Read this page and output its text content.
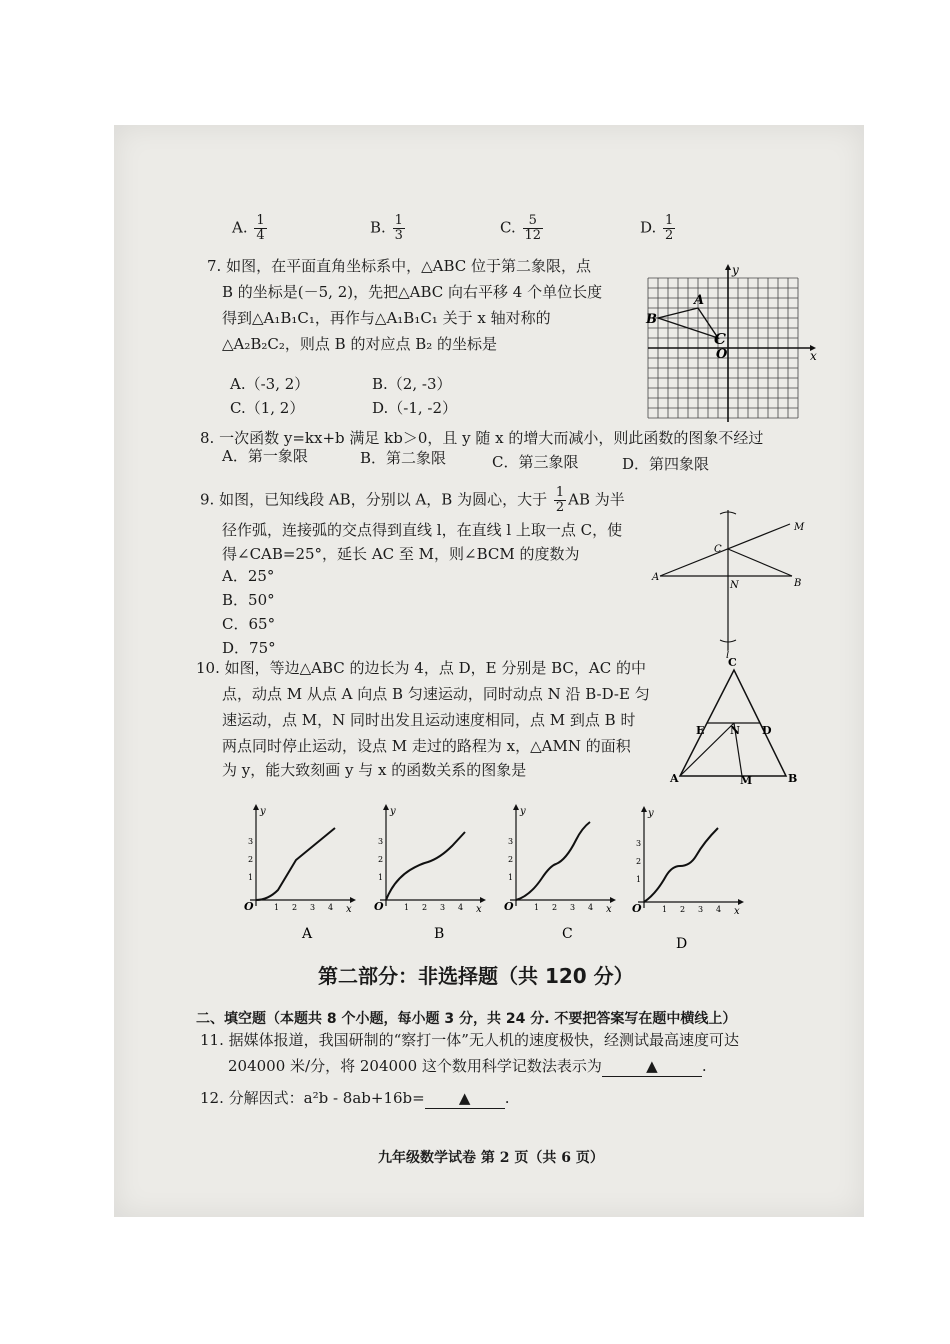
A. $\frac{1}{4}$	B. $\frac{1}{3}$	C. $\frac{5}{12}$	D. $\frac{1}{2}$
7. 如图，在平面直角坐标系中，△ABC 位于第二象限，点
B 的坐标是(－5, 2)，先把△ABC 向右平移 4 个单位长度
得到△A₁B₁C₁，再作与△A₁B₁C₁ 关于 x 轴对称的
△A₂B₂C₂，则点 B 的对应点 B₂ 的坐标是
A.（-3, 2）	B.（2, -3）
C.（1, 2）	D.（-1, -2）
x
y
O
A
B
C
8. 一次函数 y=kx+b 满足 kb＞0，且 y 随 x 的增大而减小，则此函数的图象不经过
A．第一象限	B．第二象限	C．第三象限	D．第四象限
9. 如图，已知线段 AB，分别以 A，B 为圆心，大于 $\frac{1}{2}$ AB 为半
径作弧，连接弧的交点得到直线 l，在直线 l 上取一点 C，使
得∠CAB=25°，延长 AC 至 M，则∠BCM 的度数为
A．25°
B．50°
C．65°
D．75°
M
C
N
A
B
l
10. 如图，等边△ABC 的边长为 4，点 D，E 分别是 BC，AC 的中
点，动点 M 从点 A 向点 B 匀速运动，同时动点 N 沿 B-D-E 匀
速运动，点 M，N 同时出发且运动速度相同，点 M 到点 B 时
两点同时停止运动，设点 M 走过的路程为 x，△AMN 的面积
为 y，能大致刻画 y 与 x 的函数关系的图象是
C
E N D
A	M	B
y
O
3
2
1
1 2 3 4 x
A
y
O
3
2
1
1 2 3 4 x
B
y
O
3
2
1
1 2 3 4 x
C
y
O
3
2
1
1 2 3 4 x
D
第二部分：非选择题（共 120 分）
二、填空题（本题共 8 个小题，每小题 3 分，共 24 分. 不要把答案写在题中横线上）
11. 据媒体报道，我国研制的“察打一体”无人机的速度极快，经测试最高速度可达
204000 米/分，将 204000 这个数用科学记数法表示为	▲	.
12. 分解因式：a²b - 8ab+16b= ▲ .
九年级数学试卷 第 2 页（共 6 页）
